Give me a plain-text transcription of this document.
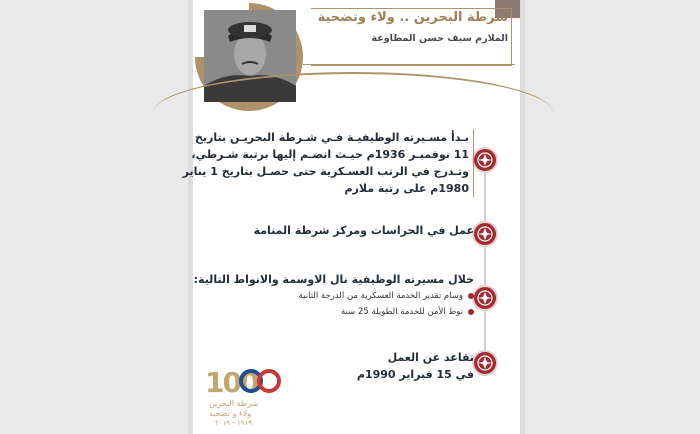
شرطة البحرين .. ولاء وتضحية
الملازم سيف حسن المطاوعة
بـدأ مسـيرته الوظيفيـة فـي شـرطة البحريـن بتاريخ
11 نوفمبـر 1936م حيـث انضـم إليها برتبة شـرطي،
وتـدرج في الرتب العسـكرية حتى حصـل بتاريخ 1 يناير
1980م على رتبة ملازم
عمل في الحراسات ومركز شرطة المنامة
خلال مسيرته الوظيفية نال الاوسمة والانواط التالية:
وسام تقدير الخدمة العسكرية من الدرجة الثانية
نوط الأمن للخدمة الطويلة 25 سنة
تقاعد عن العمل
في 15 فبراير 1990م
100
شرطة البحرين
ولاء و تضحية
١٩١٩ - ٢٠١٩
